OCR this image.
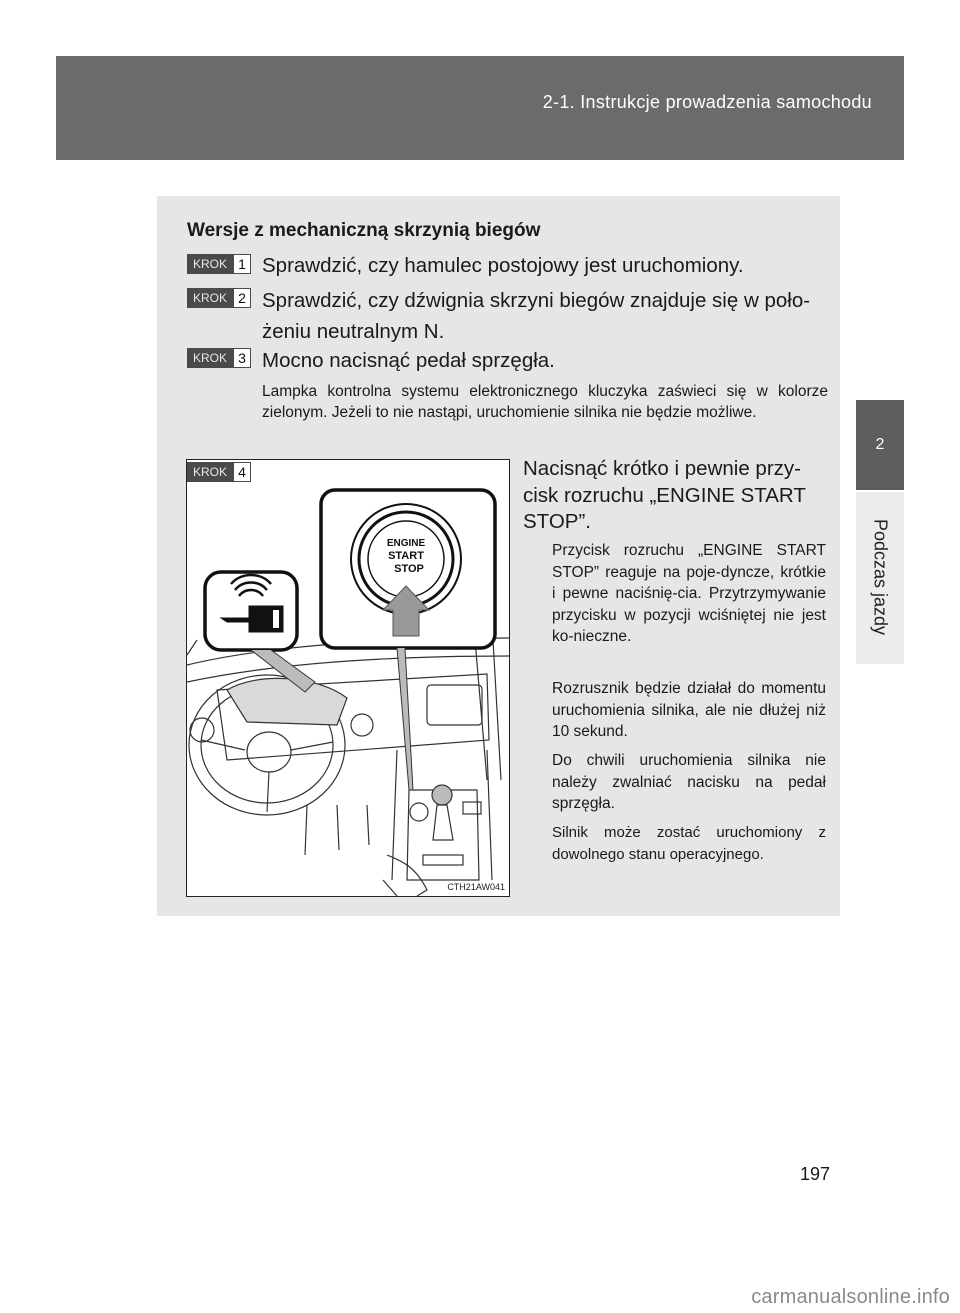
2-1. Instrukcje prowadzenia samochodu
2
Podczas jazdy
Wersje z mechaniczną skrzynią biegów
KROK 1 Sprawdzić, czy hamulec postojowy jest uruchomiony.
KROK 2 Sprawdzić, czy dźwignia skrzyni biegów znajduje się w poło-żeniu neutralnym N.
KROK 3 Mocno nacisnąć pedał sprzęgła.
Lampka kontrolna systemu elektronicznego kluczyka zaświeci się w kolorze zielonym. Jeżeli to nie nastąpi, uruchomienie silnika nie będzie możliwe.
ENGINE
START
STOP
CTH21AW041
KROK 4	Nacisnąć krótko i pewnie przy-cisk rozruchu „ENGINE START STOP”.
Przycisk rozruchu „ENGINE START STOP” reaguje na poje-dyncze, krótkie i pewne naciśnię-cia. Przytrzymywanie przycisku w pozycji wciśniętej nie jest ko-nieczne.
Rozrusznik będzie działał do momentu uruchomienia silnika, ale nie dłużej niż 10 sekund.
Do chwili uruchomienia silnika nie należy zwalniać nacisku na pedał sprzęgła.
Silnik może zostać uruchomiony z dowolnego stanu operacyjnego.
197
carmanualsonline.info
